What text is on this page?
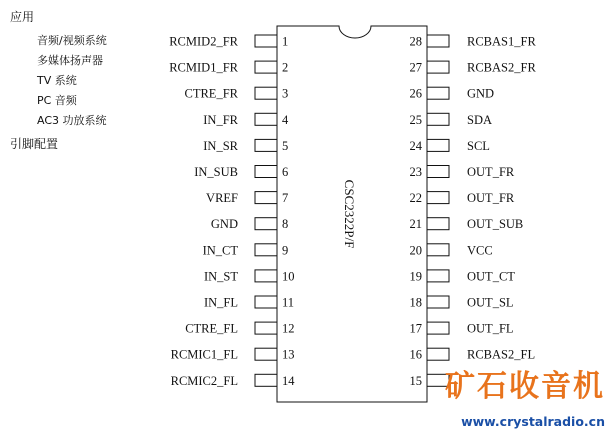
应用
音频/视频系统
多媒体扬声器
TV 系统
PC 音频
AC3 功放系统
引脚配置
RCMID2_FR	1
RCMID1_FR	2
CTRE_FR	3
IN_FR	4
IN_SR	5
IN_SUB	6
VREF	7
GND	8
IN_CT	9
IN_ST	10
IN_FL	11
CTRE_FL	12
RCMIC1_FL	13
RCMIC2_FL	14
28	RCBAS1_FR
27	RCBAS2_FR
26	GND
25	SDA
24	SCL
23	OUT_FR
22	OUT_FR
21	OUT_SUB
20	VCC
19	OUT_CT
18	OUT_SL
17	OUT_FL
16	RCBAS2_FL
15
CSC2322P/F
矿石收音机
www.crystalradio.cn
